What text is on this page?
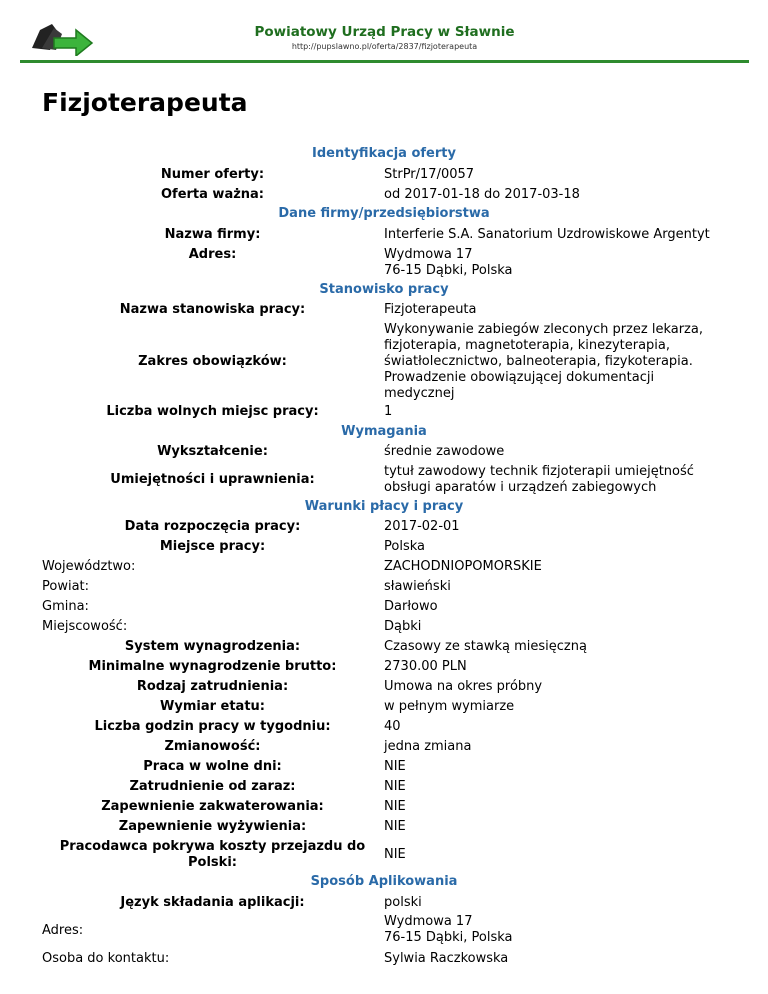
Powiatowy Urząd Pracy w Sławnie
http://pupslawno.pl/oferta/2837/fizjoterapeuta
Fizjoterapeuta
Identyfikacja oferty
Numer oferty:	StrPr/17/0057
Oferta ważna:	od 2017-01-18 do 2017-03-18
Dane firmy/przedsiębiorstwa
Nazwa firmy:	Interferie S.A. Sanatorium Uzdrowiskowe Argentyt
Adres:	Wydmowa 17
76-15 Dąbki, Polska
Stanowisko pracy
Nazwa stanowiska pracy:	Fizjoterapeuta
Zakres obowiązków:
Wykonywanie zabiegów zleconych przez lekarza, fizjoterapia, magnetoterapia, kinezyterapia, światłolecznictwo, balneoterapia, fizykoterapia. Prowadzenie obowiązującej dokumentacji medycznej
Liczba wolnych miejsc pracy:	1
Wymagania
Wykształcenie:	średnie zawodowe
Umiejętności i uprawnienia:
tytuł zawodowy technik fizjoterapii umiejętność obsługi aparatów i urządzeń zabiegowych
Warunki płacy i pracy
Data rozpoczęcia pracy:	2017-02-01
Miejsce pracy:	Polska
Województwo:	ZACHODNIOPOMORSKIE
Powiat:	sławieński
Gmina:	Darłowo
Miejscowość:	Dąbki
System wynagrodzenia:	Czasowy ze stawką miesięczną
Minimalne wynagrodzenie brutto:	2730.00 PLN
Rodzaj zatrudnienia:	Umowa na okres próbny
Wymiar etatu:	w pełnym wymiarze
Liczba godzin pracy w tygodniu:	40
Zmianowość:	jedna zmiana
Praca w wolne dni:	NIE
Zatrudnienie od zaraz:	NIE
Zapewnienie zakwaterowania:	NIE
Zapewnienie wyżywienia:	NIE
Pracodawca pokrywa koszty przejazdu do Polski:
NIE
Sposób Aplikowania
Język składania aplikacji:	polski
Adres:
Wydmowa 17
76-15 Dąbki, Polska
Osoba do kontaktu:	Sylwia Raczkowska
